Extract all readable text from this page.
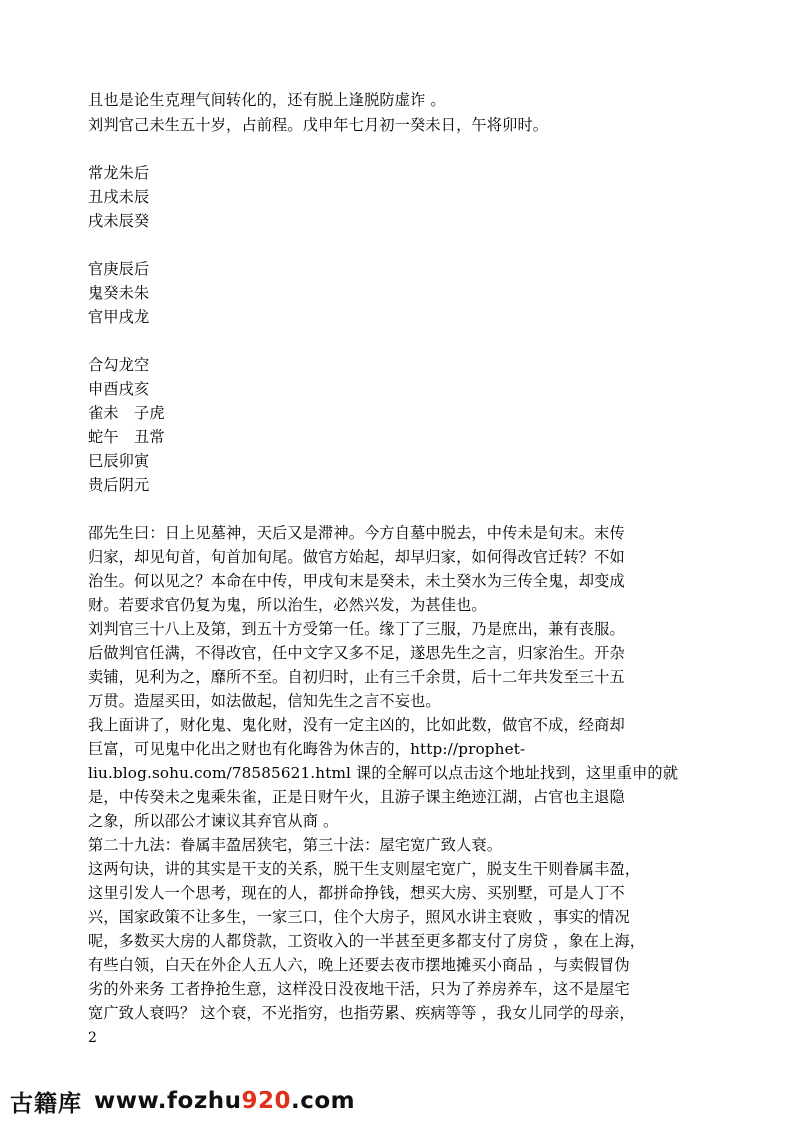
且也是论生克理气间转化的，还有脱上逢脱防虚诈 。
刘判官己未生五十岁，占前程。戊申年七月初一癸未日，午将卯时。
常龙朱后
丑戌未辰
戌未辰癸
官庚辰后
鬼癸未朱
官甲戌龙
合勾龙空
申酉戌亥
雀未　子虎
蛇午　丑常
巳辰卯寅
贵后阴元
邵先生曰：日上见墓神，天后又是滞神。今方自墓中脱去，中传未是旬末。末传
归家，却见旬首，旬首加旬尾。做官方始起，却早归家，如何得改官迁转？不如
治生。何以见之？本命在中传，甲戌旬末是癸未，未土癸水为三传全鬼，却变成
财。若要求官仍复为鬼，所以治生，必然兴发，为甚佳也。
刘判官三十八上及第，到五十方受第一任。缘丁了三服，乃是庶出，兼有丧服。
后做判官任满，不得改官，任中文字又多不足，遂思先生之言，归家治生。开杂
卖铺，见利为之，靡所不至。自初归时，止有三千余贯，后十二年共发至三十五
万贯。造屋买田，如法做起，信知先生之言不妄也。
我上面讲了，财化鬼、鬼化财，没有一定主凶的，比如此数，做官不成，经商却
巨富，可见鬼中化出之财也有化晦咎为休吉的，http://prophet-
liu.blog.sohu.com/78585621.html 课的全解可以点击这个地址找到，这里重申的就
是，中传癸未之鬼乘朱雀，正是日财午火，且游子课主绝迹江湖，占官也主退隐
之象，所以邵公才谏议其弃官从商 。
第二十九法：眷属丰盈居狭宅，第三十法：屋宅宽广致人衰。
这两句诀，讲的其实是干支的关系，脱干生支则屋宅宽广，脱支生干则眷属丰盈，
这里引发人一个思考，现在的人，都拼命挣钱，想买大房、买别墅，可是人丁不
兴，国家政策不让多生，一家三口，住个大房子，照风水讲主衰败 ，事实的情况
呢，多数买大房的人都贷款，工资收入的一半甚至更多都支付了房贷 ，象在上海，
有些白领，白天在外企人五人六，晚上还要去夜市摆地摊买小商品 ，与卖假冒伪
劣的外来务 工者挣抢生意，这样没日没夜地干活，只为了养房养车，这不是屋宅
宽广致人衰吗？ 这个衰，不光指穷，也指劳累、疾病等等 ，我女儿同学的母亲，
2
古籍库 www.fozhu920.com
